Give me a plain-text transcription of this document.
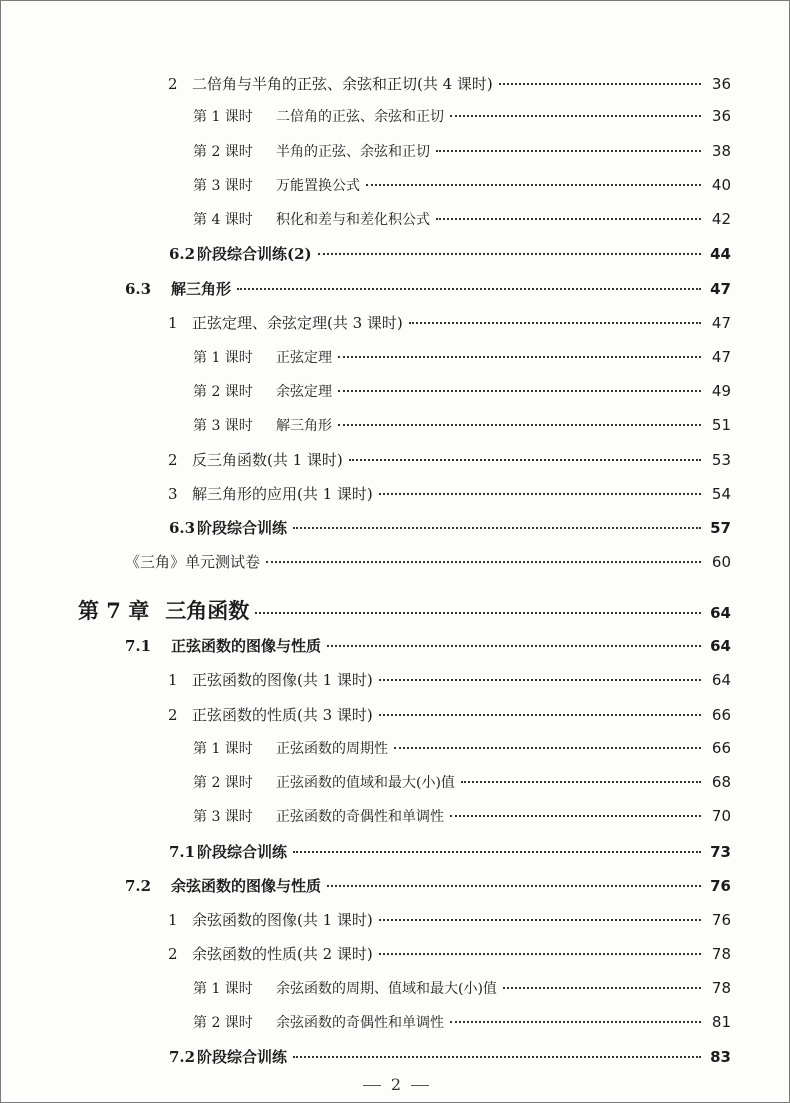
2 二倍角与半角的正弦、余弦和正切(共 4 课时)	36
第 1 课时	二倍角的正弦、余弦和正切	36
第 2 课时	半角的正弦、余弦和正切	38
第 3 课时	万能置换公式	40
第 4 课时	积化和差与和差化积公式	42
6.2 阶段综合训练(2)	44
6.3	解三角形	47
1 正弦定理、余弦定理(共 3 课时)	47
第 1 课时	正弦定理	47
第 2 课时	余弦定理	49
第 3 课时	解三角形	51
2 反三角函数(共 1 课时)	53
3 解三角形的应用(共 1 课时)	54
6.3 阶段综合训练	57
《三角》单元测试卷	60
第 7 章 三角函数	64
7.1	正弦函数的图像与性质	64
1 正弦函数的图像(共 1 课时)	64
2 正弦函数的性质(共 3 课时)	66
第 1 课时	正弦函数的周期性	66
第 2 课时	正弦函数的值域和最大(小)值	68
第 3 课时	正弦函数的奇偶性和单调性	70
7.1 阶段综合训练	73
7.2	余弦函数的图像与性质	76
1 余弦函数的图像(共 1 课时)	76
2 余弦函数的性质(共 2 课时)	78
第 1 课时	余弦函数的周期、值域和最大(小)值	78
第 2 课时	余弦函数的奇偶性和单调性	81
7.2 阶段综合训练	83
2
